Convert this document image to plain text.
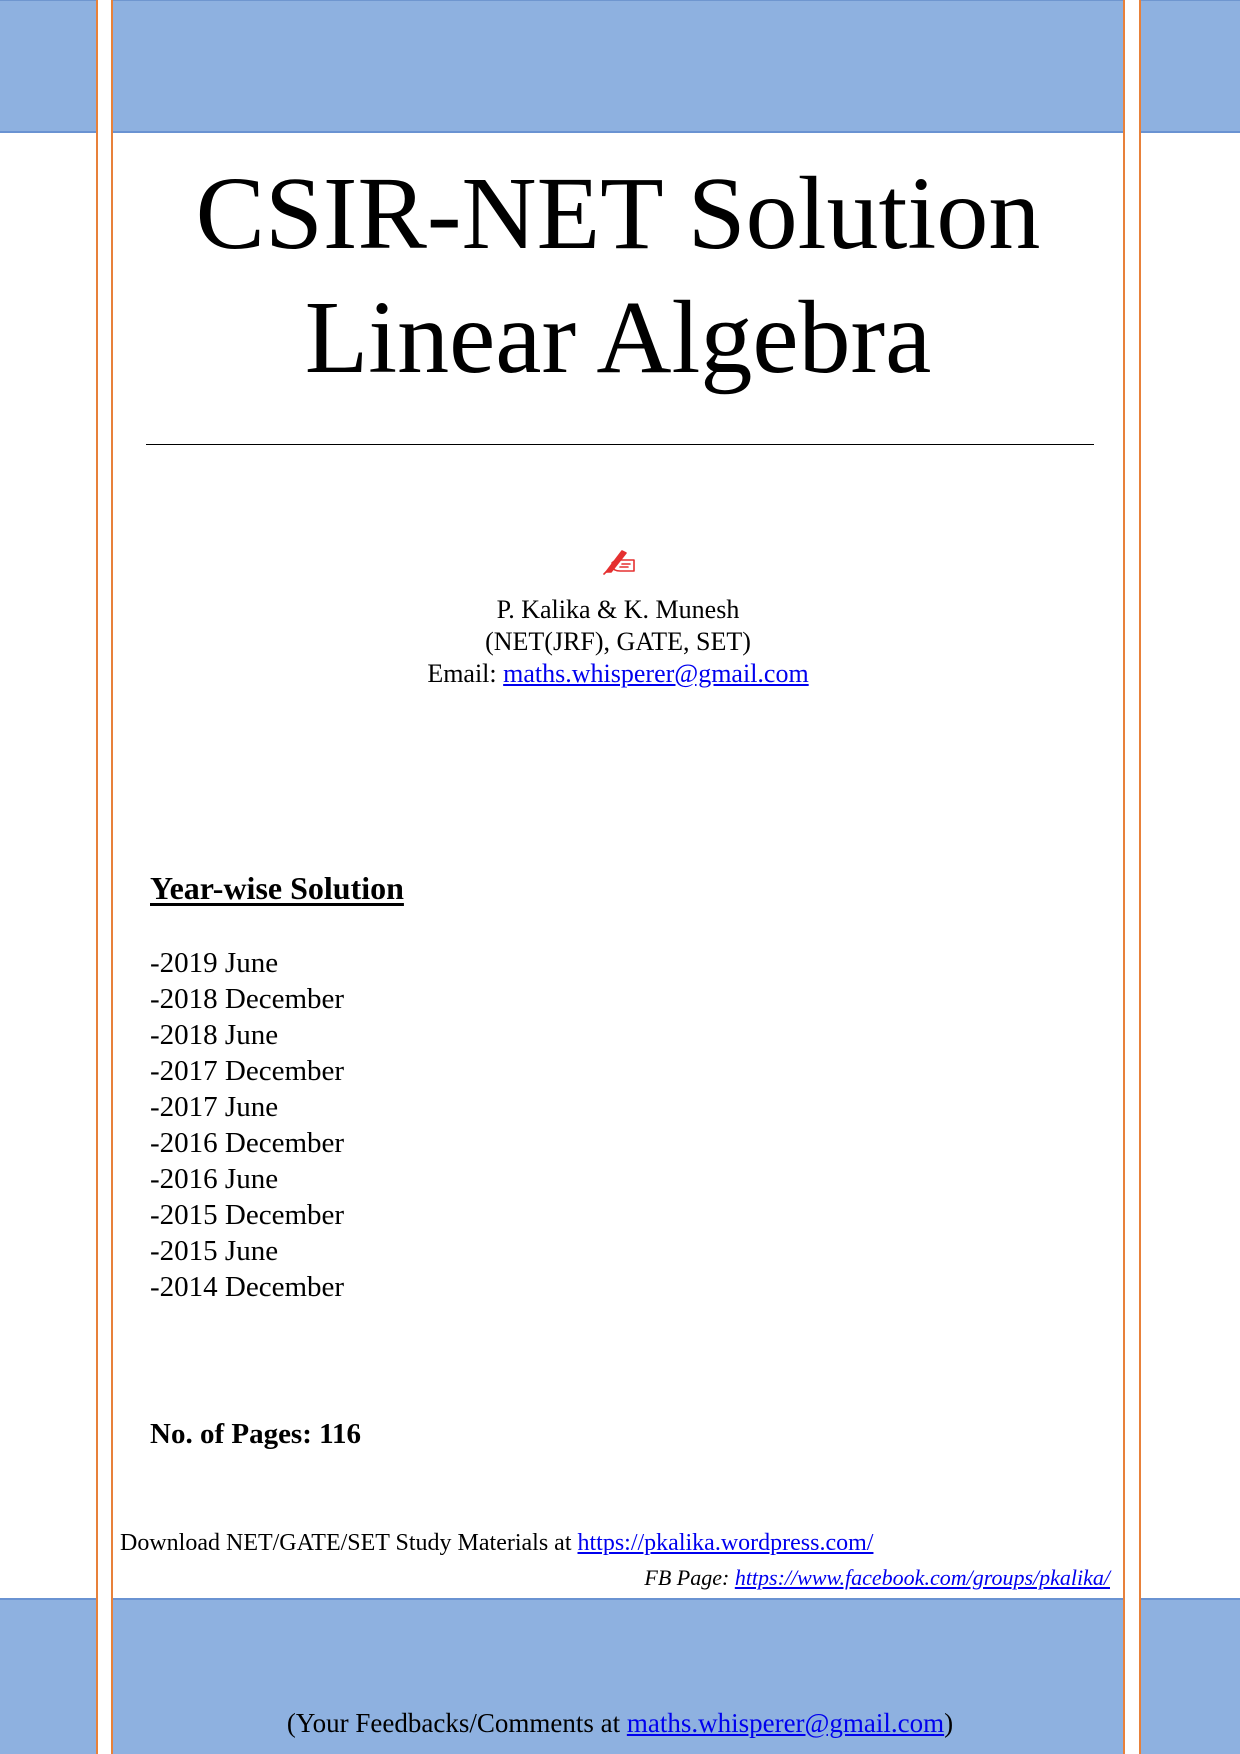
CSIR-NET Solution
Linear Algebra
P. Kalika & K. Munesh
(NET(JRF), GATE, SET)
Email: maths.whisperer@gmail.com
Year-wise Solution
-2019 June
-2018 December
-2018 June
-2017 December
-2017 June
-2016 December
-2016 June
-2015 December
-2015 June
-2014 December
No. of Pages: 116
Download NET/GATE/SET Study Materials at https://pkalika.wordpress.com/
FB Page: https://www.facebook.com/groups/pkalika/
(Your Feedbacks/Comments at maths.whisperer@gmail.com)
